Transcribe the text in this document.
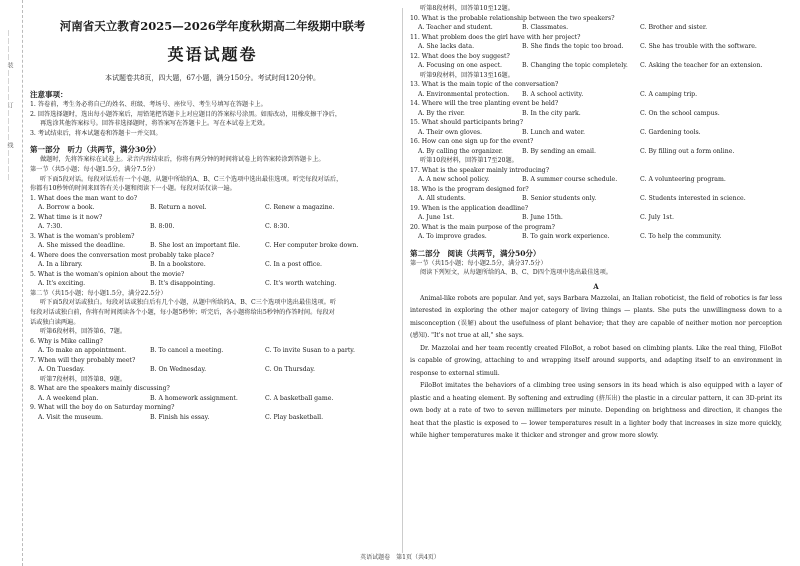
…………装…………订…………线…………
河南省天立教育2025—2026学年度秋期高二年级期中联考
英语试题卷
本试题卷共8页，四大题，67小题，满分150分。考试时间120分钟。
注意事项：
1. 答卷前，考生务必将自己的姓名、班级、考场号、座位号、考生号填写在答题卡上。
2. 回答选择题时，选出每小题答案后，用铅笔把答题卡上对应题目的答案标号涂黑。如需改动，用橡皮擦干净后，
再选涂其他答案标号。回答非选择题时，将答案写在答题卡上。写在本试卷上无效。
3. 考试结束后，将本试题卷和答题卡一并交回。
第一部分　听力（共两节，满分30分）
做题时，先将答案标在试卷上。录音内容结束后，你将有两分钟的时间将试卷上的答案转涂到答题卡上。
第一节（共5小题；每小题1.5分，满分7.5分）
听下面5段对话。每段对话后有一个小题，从题中所给的A、B、C三个选项中选出最佳选项。听完每段对话后，
你都有10秒钟的时间来回答有关小题和阅读下一小题。每段对话仅读一遍。
1. What does the man want to do?
A. Borrow a book.	B. Return a novel.	C. Renew a magazine.
2. What time is it now?
A. 7:30.	B. 8:00.	C. 8:30.
3. What is the woman's problem?
A. She missed the deadline.	B. She lost an important file.	C. Her computer broke down.
4. Where does the conversation most probably take place?
A. In a library.	B. In a bookstore.	C. In a post office.
5. What is the woman's opinion about the movie?
A. It's exciting.	B. It's disappointing.	C. It's worth watching.
第二节（共15小题；每小题1.5分，满分22.5分）
听下面5段对话或独白。每段对话或独白后有几个小题，从题中所给的A、B、C三个选项中选出最佳选项。听
每段对话或独白前，你将有时间阅读各个小题，每小题5秒钟；听完后，各小题将给出5秒钟的作答时间。每段对
话或独白读两遍。
听第6段材料，回答第6、7题。
6. Why is Mike calling?
A. To make an appointment.	B. To cancel a meeting.	C. To invite Susan to a party.
7. When will they probably meet?
A. On Tuesday.	B. On Wednesday.	C. On Thursday.
听第7段材料，回答第8、9题。
8. What are the speakers mainly discussing?
A. A weekend plan.	B. A homework assignment.	C. A basketball game.
9. What will the boy do on Saturday morning?
A. Visit the museum.	B. Finish his essay.	C. Play basketball.
听第8段材料，回答第10至12题。
10. What is the probable relationship between the two speakers?
A. Teacher and student.	B. Classmates.	C. Brother and sister.
11. What problem does the girl have with her project?
A. She lacks data.	B. She finds the topic too broad.	C. She has trouble with the software.
12. What does the boy suggest?
A. Focusing on one aspect.	B. Changing the topic completely.	C. Asking the teacher for an extension.
听第9段材料，回答第13至16题。
13. What is the main topic of the conversation?
A. Environmental protection.	B. A school activity.	C. A camping trip.
14. Where will the tree planting event be held?
A. By the river.	B. In the city park.	C. On the school campus.
15. What should participants bring?
A. Their own gloves.	B. Lunch and water.	C. Gardening tools.
16. How can one sign up for the event?
A. By calling the organizer.	B. By sending an email.	C. By filling out a form online.
听第10段材料，回答第17至20题。
17. What is the speaker mainly introducing?
A. A new school policy.	B. A summer course schedule.	C. A volunteering program.
18. Who is the program designed for?
A. All students.	B. Senior students only.	C. Students interested in science.
19. When is the application deadline?
A. June 1st.	B. June 15th.	C. July 1st.
20. What is the main purpose of the program?
A. To improve grades.	B. To gain work experience.	C. To help the community.
第二部分　阅读（共两节，满分50分）
第一节（共15小题；每小题2.5分，满分37.5分）
阅读下列短文，从每题所给的A、B、C、D四个选项中选出最佳选项。
A

Animal-like robots are popular. And yet, says Barbara Mazzolai, an Italian roboticist, the field of robotics is far less interested in exploring the other major category of living things — plants. She puts the unwillingness down to a misconception (误解) about the usefulness of plant behavior; that they are capable of neither motion nor perception (感知). "It's not true at all," she says.

Dr. Mazzolai and her team recently created FiloBot, a robot based on climbing plants. Like the real thing, FiloBot is capable of growing, attaching to and wrapping itself around supports, and adapting itself to an environment in response to external stimuli.

FiloBot imitates the behaviors of a climbing tree using sensors in its head which is also equipped with a layer of plastic and a heating element. By softening and extruding (挤压出) the plastic in a circular pattern, it can 3D-print its own body at a rate of two to seven millimeters per minute. Depending on brightness and direction, it changes the heat that the plastic is exposed to — lower temperatures result in a lighter body that increases in size more quickly, while higher temperatures make it thicker and stronger and grow more slowly.

英语试题卷　第1页（共4页）
